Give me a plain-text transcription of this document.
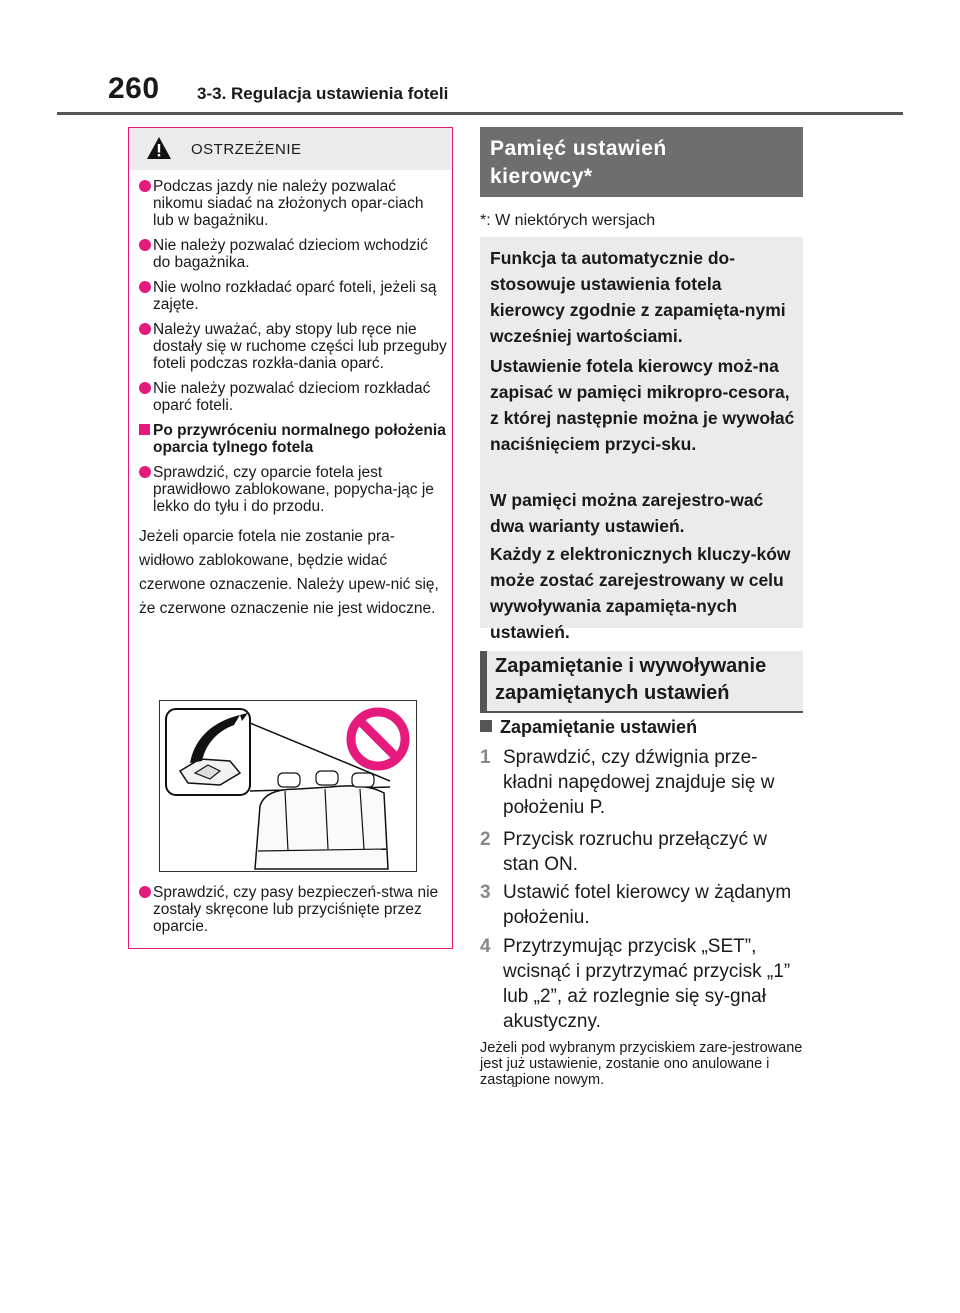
260 3-3. Regulacja ustawienia foteli
OSTRZEŻENIE
Podczas jazdy nie należy pozwalać nikomu siadać na złożonych opar-ciach lub w bagażniku.
Nie należy pozwalać dzieciom wchodzić do bagażnika.
Nie wolno rozkładać oparć foteli, jeżeli są zajęte.
Należy uważać, aby stopy lub ręce nie dostały się w ruchome części lub przeguby foteli podczas rozkła-dania oparć.
Nie należy pozwalać dzieciom rozkładać oparć foteli.
Po przywróceniu normalnego położenia oparcia tylnego fotela
Sprawdzić, czy oparcie fotela jest prawidłowo zablokowane, popycha-jąc je lekko do tyłu i do przodu.
Jeżeli oparcie fotela nie zostanie pra-widłowo zablokowane, będzie widać czerwone oznaczenie. Należy upew-nić się, że czerwone oznaczenie nie jest widoczne.
Sprawdzić, czy pasy bezpieczeń-stwa nie zostały skręcone lub przyciśnięte przez oparcie.
Pamięć ustawień
kierowcy*
*: W niektórych wersjach

Funkcja ta automatycznie do-stosowuje ustawienia fotela kierowcy zgodnie z zapamięta-nymi wcześniej wartościami.

Ustawienie fotela kierowcy moż-na zapisać w pamięci mikropro-cesora, z której następnie można je wywołać naciśnięciem przyci-sku.

W pamięci można zarejestro-wać dwa warianty ustawień.

Każdy z elektronicznych kluczy-ków może zostać zarejestrowany w celu wywoływania zapamięta-nych ustawień.

Zapamiętanie i wywoływanie
zapamiętanych ustawień
Zapamiętanie ustawień
1 Sprawdzić, czy dźwignia prze-kładni napędowej znajduje się w położeniu P.
2 Przycisk rozruchu przełączyć w stan ON.
3 Ustawić fotel kierowcy w żądanym położeniu.
4 Przytrzymując przycisk „SET”, wcisnąć i przytrzymać przycisk „1” lub „2”, aż rozlegnie się sy-gnał akustyczny.
Jeżeli pod wybranym przyciskiem zare-jestrowane jest już ustawienie, zostanie ono anulowane i zastąpione nowym.
